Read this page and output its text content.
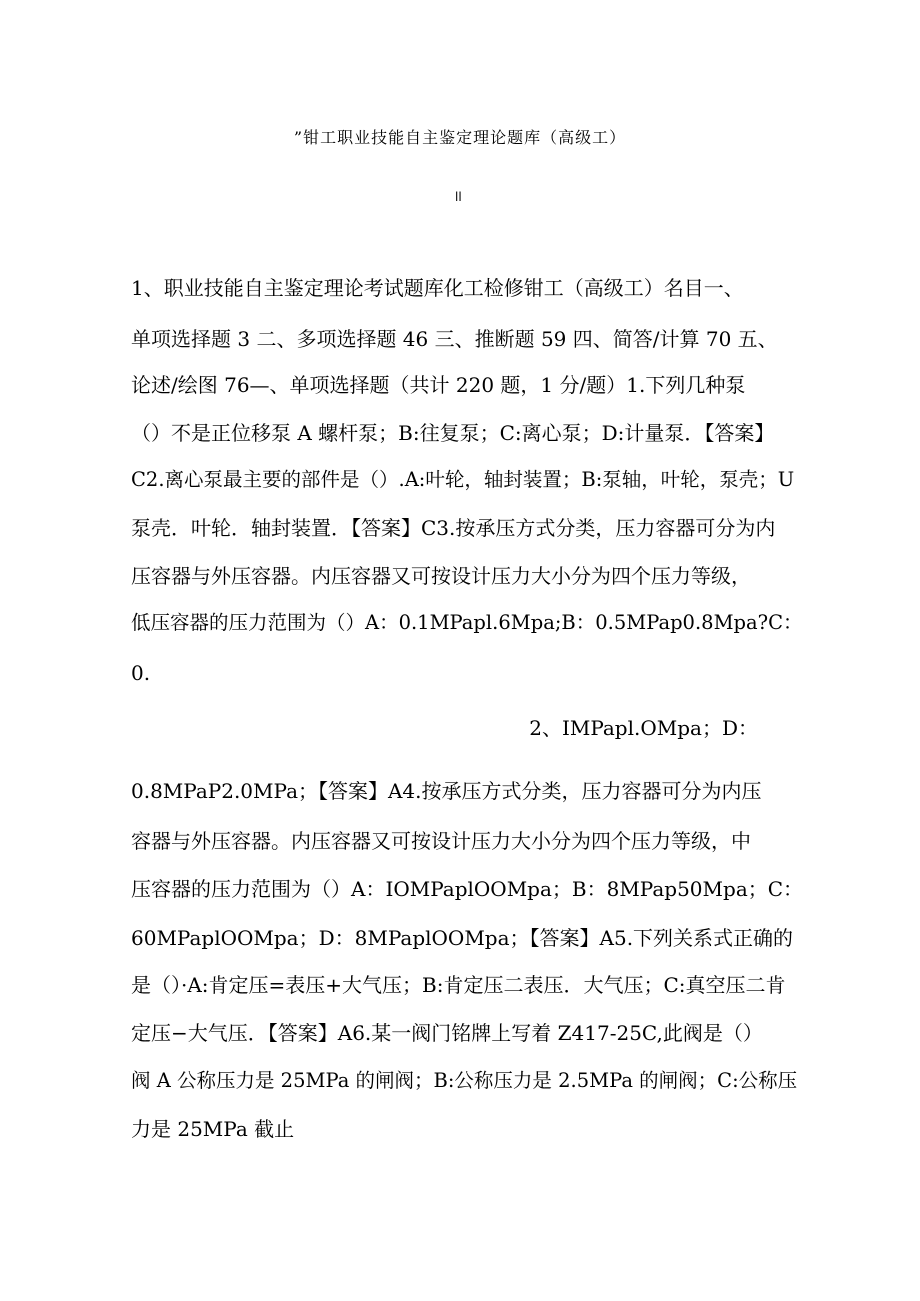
”钳工职业技能自主鉴定理论题库（高级工）
ll
1、职业技能自主鉴定理论考试题库化工检修钳工（高级工）名目一、
单项选择题 3 二、多项选择题 46 三、推断题 59 四、简答/计算 70 五、
论述/绘图 76—、单项选择题（共计 220 题，1 分/题）1.下列几种泵
（）不是正位移泵 A 螺杆泵；B:往复泵；C:离心泵；D:计量泵．【答案】
C2.离心泵最主要的部件是（）.A:叶轮，轴封装置；B:泵轴，叶轮，泵壳；U
泵壳．叶轮．轴封装置．【答案】C3.按承压方式分类，压力容器可分为内
压容器与外压容器。内压容器又可按设计压力大小分为四个压力等级，
低压容器的压力范围为（）A：0.1MPapl.6Mpa;B：0.5MPap0.8Mpa?C：
0.
2、IMPapl.OMpa；D：
0.8MPaP2.0MPa；【答案】A4.按承压方式分类，压力容器可分为内压
容器与外压容器。内压容器又可按设计压力大小分为四个压力等级，中
压容器的压力范围为（）A：IOMPaplOOMpa；B：8MPap50Mpa；C：
60MPaplOOMpa；D：8MPaplOOMpa；【答案】A5.下列关系式正确的
是（）·A:肯定压=表压+大气压；B:肯定压二表压．大气压；C:真空压二肯
定压−大气压．【答案】A6.某一阀门铭牌上写着 Z417-25C,此阀是（）
阀 A 公称压力是 25MPa 的闸阀；B:公称压力是 2.5MPa 的闸阀；C:公称压
力是 25MPa 截止
